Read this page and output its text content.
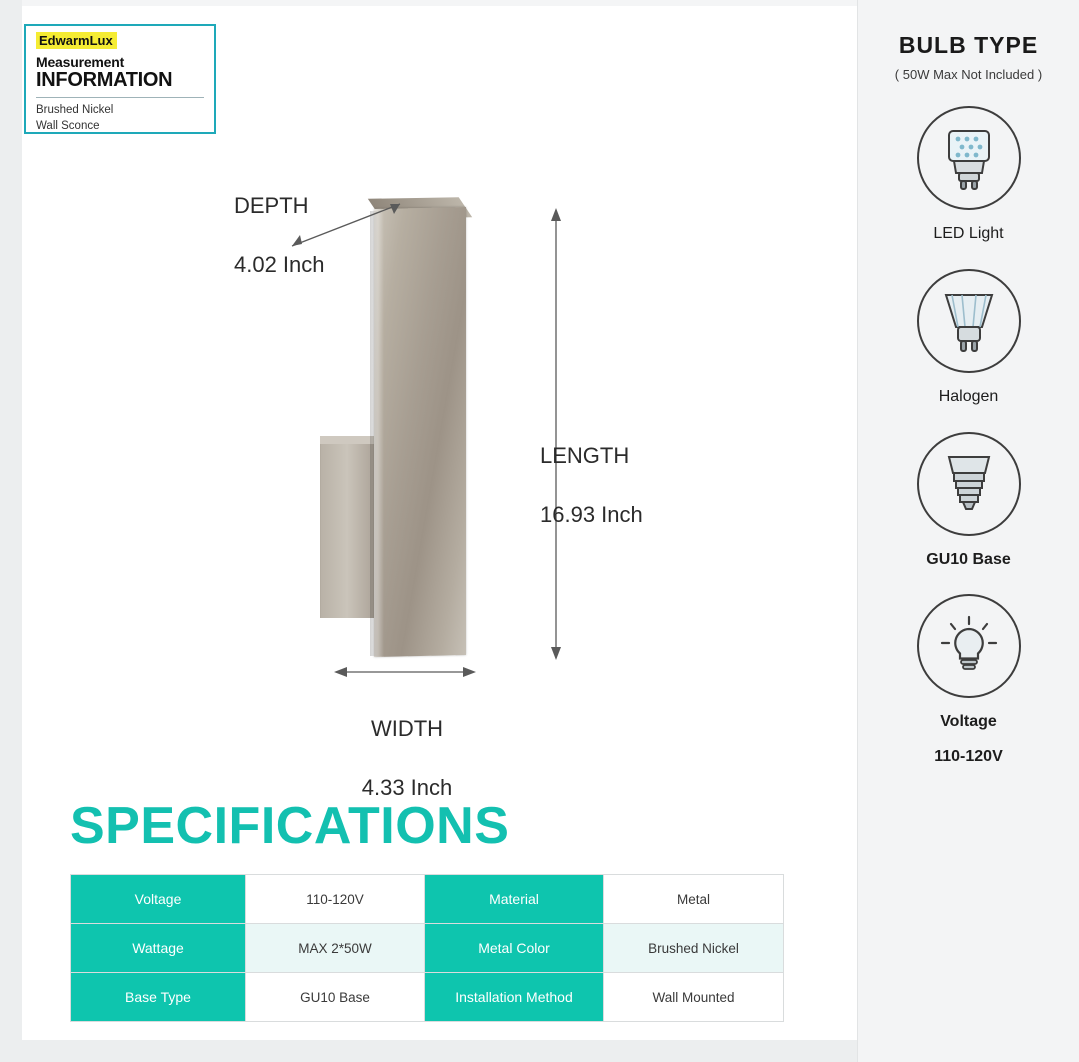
EdwarmLux
Measurement
INFORMATION
Brushed Nickel
Wall Sconce

DEPTH

4.02 Inch

LENGTH

16.93 Inch

WIDTH

4.33 Inch

SPECIFICATIONS
Voltage	110-120V	Material	Metal
Wattage	MAX 2*50W	Metal Color	Brushed Nickel
Base Type	GU10 Base	Installation Method	Wall Mounted
BULB TYPE
( 50W Max Not Included )
LED Light
Halogen
GU10 Base
Voltage
110-120V
